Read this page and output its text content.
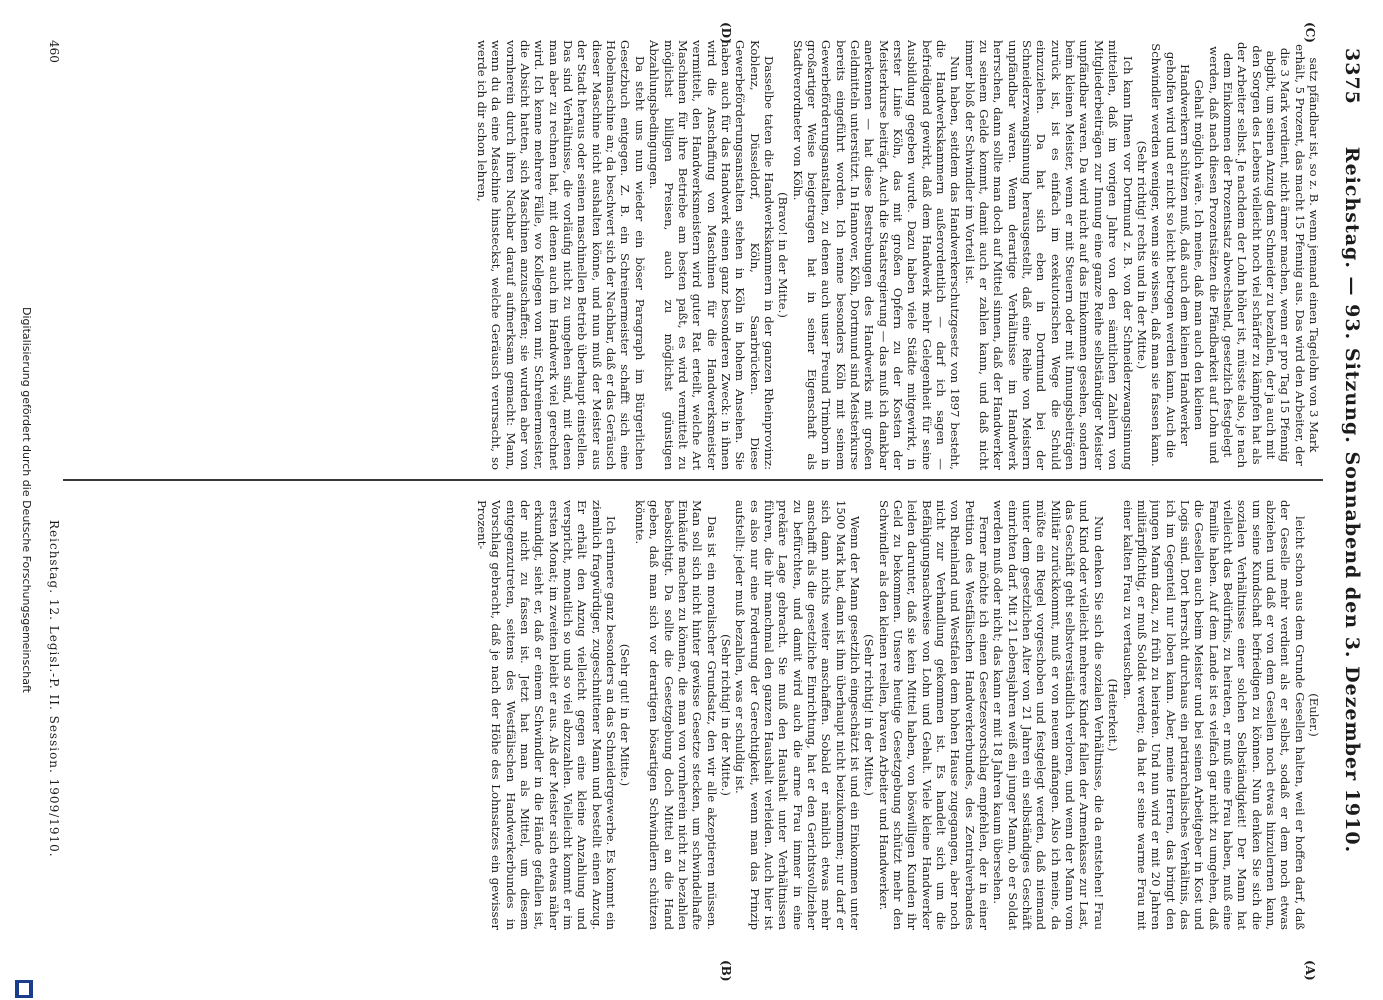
3375
Reichstag. — 93. Sitzung. Sonnabend den 3. Dezember 1910.
(C)
(D)
(A)
(B)

satz pfändbar ist, so z. B. wenn jemand einen Tagelohn von 3 Mark erhält, 5 Prozent, das macht 15 Pfennig aus. Das wird den Arbeiter, der die 3 Mark verdient, nicht ärmer machen, wenn er pro Tag 15 Pfennig abgibt, um seinen Anzug dem Schneider zu bezahlen, der ja auch mit den Sorgen des Lebens vielleicht noch viel schärfer zu kämpfen hat als der Arbeiter selbst. Je nachdem der Lohn höher ist, müsste also, je nach dem Einkommen der Prozentsatz abwechselnd, gesetzlich festgelegt werden, daß nach diesen Prozentsätzen die Pfändbarkeit auf Lohn und Gehalt möglich wäre. Ich meine, daß man auch den kleinen Handwerkern schützen muß, daß auch dem kleinen Handwerker geholfen wird und er nicht so leicht betrogen werden kann. Auch die Schwindler werden weniger, wenn sie wissen, daß man sie fassen kann.

(Sehr richtig! rechts und in der Mitte.)

Ich kann Ihnen vor Dortmund z. B. von der Schneiderzwangsinnung mitteilen, daß im vorigen Jahre von den sämtlichen Zahlern von Mitgliederbeiträgen zur Innung eine ganze Reihe selbständiger Meister unpfändbar waren. Da wird nicht auf das Einkommen gesehen, sondern beim kleinen Meister, wenn er mit Steuern oder mit Innungsbeiträgen zurück ist, ist es einfach im exekutorischen Wege die Schuld einzuziehen. Da hat sich eben in Dortmund bei der Schneiderzwangsinnung herausgestellt, daß eine Reihe von Meistern unpfändbar waren. Wenn derartige Verhältnisse im Handwerk herrschen, dann sollte man doch auf Mittel sinnen, daß der Handwerker zu seinem Gelde kommt, damit auch er zahlen kann, und daß nicht immer bloß der Schwindler im Vorteil ist.

Nun haben, seitdem das Handwerkerschutzgesetz von 1897 besteht, die Handwerkskammern außerordentlich — darf ich sagen — befriedigend gewirkt, daß dem Handwerk mehr Gelegenheit für seine Ausbildung gegeben wurde. Dazu haben viele Städte mitgewirkt, in erster Linie Köln, das mit großen Opfern zu der Kosten der Meisterkurse beiträgt. Auch die Staatsregierung — das muß ich dankbar anerkennen — hat diese Bestrebungen des Handwerks mit großen Geldmitteln unterstützt. In Hannover, Köln, Dortmund sind Meisterkurse bereits eingeführt worden. Ich nenne besonders Köln mit seinem Gewerbeförderungsanstalten, zu denen auch unser Freund Trimborn in großartiger Weise beigetragen hat in seiner Eigenschaft als Stadtverordneter von Köln.

(Bravo! in der Mitte.)

Dasselbe taten die Handwerkskammern in der ganzen Rheinprovinz: Koblenz, Düsseldorf, Köln, Saarbrücken. Diese Gewerbeförderungsanstalten stehen in Köln in hohem Ansehen. Sie haben auch für das Handwerk einen ganz besonderen Zweck: in ihnen wird die Anschaffung von Maschinen für die Handwerksmeister vermittelt, den Handwerksmeistern wird guter Rat erteilt, welche Art Maschinen für ihre Betriebe am besten paßt, es wird vermittelt zu möglichst billigen Preisen, auch zu möglichst günstigen Abzahlungsbedingungen.

Da steht uns nun wieder ein böser Paragraph im Bürgerlichen Gesetzbuch entgegen. Z. B. ein Schreinermeister schafft sich eine Hobelmaschine an; da beschwert sich der Nachbar, daß er das Geräusch dieser Maschine nicht aushalten könne, und nun muß der Meister aus der Stadt heraus oder seinen maschinellen Betrieb überhaupt einstellen. Das sind Verhältnisse, die vorläufig nicht zu umgehen sind, mit denen man aber zu rechnen hat, mit denen auch im Handwerk viel gerechnet wird. Ich kenne mehrere Fälle, wo Kollegen von mir, Schreinermeister, die Absicht hatten, sich Maschinen anzuschaffen; sie wurden aber von vornherein durch ihren Nachbar darauf aufmerksam gemacht: Mann, wenn du da eine Maschine hinsteckst, welche Geräusch verursacht, so werde ich dir schon lehren,

(Euler.)

leicht schon aus dem Grunde Gesellen halten, weil er hoffen darf, daß der Geselle mehr verdient als er selbst, sodaß er dem noch etwas abziehen und daß er von dem Gesellen noch etwas hinzulernen kann, um seine Kundschaft befriedigen zu können. Nun denken Sie sich die sozialen Verhältnisse einer solchen Selbständigkeit! Der Mann hat vielleicht das Bedürfnis, zu heiraten, er muß eine Frau haben, muß eine Familie haben. Auf dem Lande ist es vielfach gar nicht zu umgehen, daß die Gesellen auch beim Meister und bei seinen Arbeitgeber in Kost und Logis sind. Dort herrscht durchaus ein patriarchalisches Verhältnis, das ich im Gegenteil nur loben kann. Aber, meine Herren, das bringt den jungen Mann dazu, zu früh zu heiraten. Und nun wird er mit 20 Jahren militärpflichtig, er muß Soldat werden; da hat er seine warme Frau mit einer kalten Frau zu vertauschen.

(Heiterkeit.)

Nun denken Sie sich die sozialen Verhältnisse, die da entstehen! Frau und Kind oder vielleicht mehrere Kinder fallen der Armenkasse zur Last, das Geschäft geht selbstverständlich verloren, und wenn der Mann vom Militär zurückkommt, muß er von neuem anfangen. Also ich meine, da müßte ein Riegel vorgeschoben und festgelegt werden, daß niemand unter dem gesetzlichen Alter von 21 Jahren ein selbständiges Geschäft einrichten darf. Mit 21 Lebensjahren weiß ein junger Mann, ob er Soldat werden muß oder nicht; das kann er mit 18 Jahren kaum übersehen.

Ferner möchte ich einen Gesetzesvorschlag empfehlen, der in einer Petition des Westfälischen Handwerkerbundes, des Zentralverbandes von Rheinland und Westfalen dem hohen Hause zugegangen, aber noch nicht zur Verhandlung gekommen ist. Es handelt sich um die Befähigungsnachweise von Lohn und Gehalt. Viele kleine Handwerker leiden darunter, daß sie kein Mittel haben, von böswilligen Kunden ihr Geld zu bekommen. Unsere heutige Gesetzgebung schützt mehr den Schwindler als den kleinen reellen, braven Arbeiter und Handwerker.

(Sehr richtig! in der Mitte.)

Wenn der Mann gesetzlich eingeschätzt ist und ein Einkommen unter 1500 Mark hat, dann ist ihm überhaupt nicht beizukommen; nur darf er sich dann nichts weiter anschaffen. Sobald er nämlich etwas mehr anschafft als die gesetzliche Einrichtung, hat er den Gerichtsvollzieher zu befürchten, und damit wird auch die arme Frau immer in eine prekäre Lage gebracht. Sie muß den Haushalt unter Verhältnissen führen, die ihr manchmal den ganzen Haushalt verleiden. Auch hier ist es also nur eine Forderung der Gerechtigkeit, wenn man das Prinzip aufstellt: jeder muß bezahlen, was er schuldig ist.

(Sehr richtig! in der Mitte.)

Das ist ein moralischer Grundsatz, den wir alle akzeptieren müssen. Man soll sich nicht hinter gewisse Gesetze stecken, um schwindelhafte Einkäufe machen zu können, die man von vornherein nicht zu bezahlen beabsichtigt. Da sollte die Gesetzgebung doch Mittel an die Hand geben, daß man sich vor derartigen bösartigen Schwindlern schützen könnte.

(Sehr gut! in der Mitte.)

Ich erinnere ganz besonders an das Schneidergewerbe. Es kommt ein ziemlich fragwürdiger, zugeschnittener Mann und bestellt einen Anzug. Er erhält den Anzug vielleicht gegen eine kleine Anzahlung und verspricht, monatlich so und so viel abzuzahlen. Vielleicht kommt er im ersten Monat; im zweiten bleibt er aus. Als der Meister sich etwas näher erkundigt, sieht er, daß er einem Schwindler in die Hände gefallen ist, der nicht zu fassen ist. Jetzt hat man als Mittel, um diesem entgegenzutreten, seitens des Westfälischen Handwerkerbundes in Vorschlag gebracht, daß je nach der Höhe des Lohnsatzes ein gewisser Prozent-

460
Reichstag. 12. Legisl.-P. II. Session. 1909/1910.
Digitalisierung gefördert durch die Deutsche Forschungsgemeinschaft
